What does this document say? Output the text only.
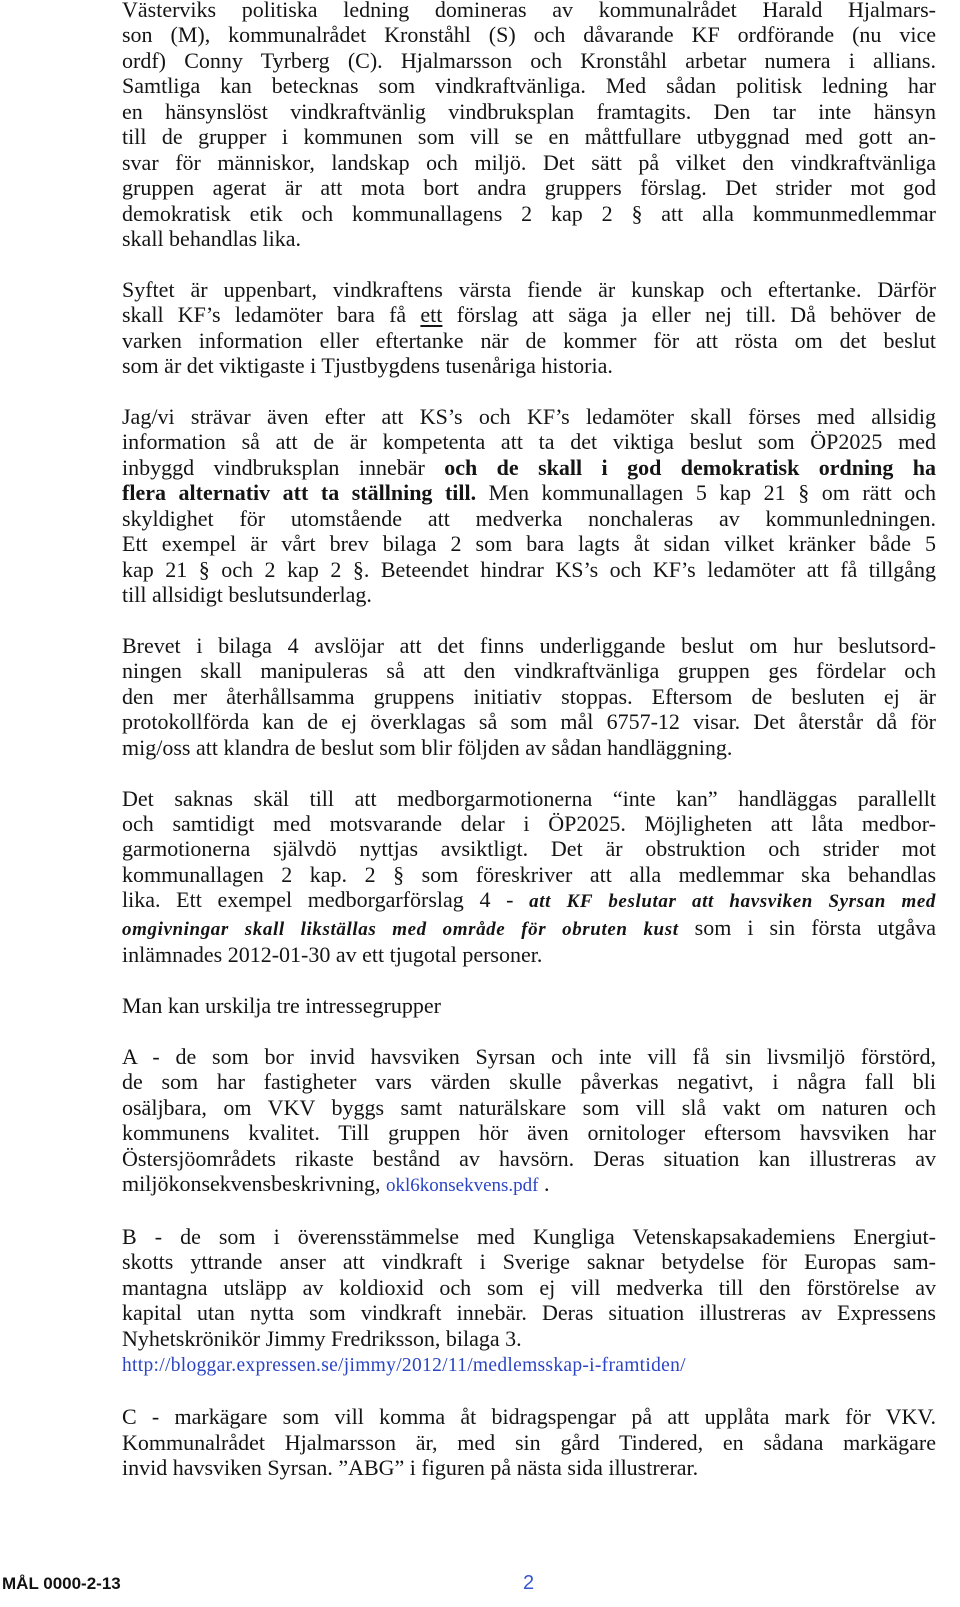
Västerviks politiska ledning domineras av kommunalrådet Harald Hjalmars-
son (M), kommunalrådet Kronståhl (S) och dåvarande KF ordförande (nu vice
ordf) Conny Tyrberg (C). Hjalmarsson och Kronståhl arbetar numera i allians.
Samtliga kan betecknas som vindkraftvänliga. Med sådan politisk ledning har
en hänsynslöst vindkraftvänlig vindbruksplan framtagits. Den tar inte hänsyn
till de grupper i kommunen som vill se en måttfullare utbyggnad med gott an-
svar för människor, landskap och miljö. Det sätt på vilket den vindkraftvänliga
gruppen agerat är att mota bort andra gruppers förslag. Det strider mot god
demokratisk etik och kommunallagens 2 kap 2 § att alla kommunmedlemmar
skall behandlas lika.
Syftet är uppenbart, vindkraftens värsta fiende är kunskap och eftertanke. Därför
skall KF’s ledamöter bara få ett förslag att säga ja eller nej till. Då behöver de
varken information eller eftertanke när de kommer för att rösta om det beslut
som är det viktigaste i Tjustbygdens tusenåriga historia.
Jag/vi strävar även efter att KS’s och KF’s ledamöter skall förses med allsidig
information så att de är kompetenta att ta det viktiga beslut som ÖP2025 med
inbyggd vindbruksplan innebär och de skall i god demokratisk ordning ha
flera alternativ att ta ställning till. Men kommunallagen 5 kap 21 § om rätt och
skyldighet för utomstående att medverka nonchaleras av kommunledningen.
Ett exempel är vårt brev bilaga 2 som bara lagts åt sidan vilket kränker både 5
kap 21 § och 2 kap 2 §. Beteendet hindrar KS’s och KF’s ledamöter att få tillgång
till allsidigt beslutsunderlag.
Brevet i bilaga 4 avslöjar att det finns underliggande beslut om hur beslutsord-
ningen skall manipuleras så att den vindkraftvänliga gruppen ges fördelar och
den mer återhållsamma gruppens initiativ stoppas. Eftersom de besluten ej är
protokollförda kan de ej överklagas så som mål 6757-12 visar. Det återstår då för
mig/oss att klandra de beslut som blir följden av sådan handläggning.
Det saknas skäl till att medborgarmotionerna “inte kan” handläggas parallellt
och samtidigt med motsvarande delar i ÖP2025. Möjligheten att låta medbor-
garmotionerna självdö nyttjas avsiktligt. Det är obstruktion och strider mot
kommunallagen 2 kap. 2 § som föreskriver att alla medlemmar ska behandlas
lika. Ett exempel medborgarförslag 4 - att KF beslutar att havsviken Syrsan med
omgivningar skall likställas med område för obruten kust som i sin första utgåva
inlämnades 2012-01-30 av ett tjugotal personer.
Man kan urskilja tre intressegrupper
A - de som bor invid havsviken Syrsan och inte vill få sin livsmiljö förstörd,
de som har fastigheter vars värden skulle påverkas negativt, i några fall bli
osäljbara, om VKV byggs samt naturälskare som vill slå vakt om naturen och
kommunens kvalitet. Till gruppen hör även ornitologer eftersom havsviken har
Östersjöområdets rikaste bestånd av havsörn. Deras situation kan illustreras av
miljökonsekvensbeskrivning, okl6konsekvens.pdf .
B - de som i överensstämmelse med Kungliga Vetenskapsakademiens Energiut-
skotts yttrande anser att vindkraft i Sverige saknar betydelse för Europas sam-
mantagna utsläpp av koldioxid och som ej vill medverka till den förstörelse av
kapital utan nytta som vindkraft innebär. Deras situation illustreras av Expressens
Nyhetskrönikör Jimmy Fredriksson, bilaga 3.
http://bloggar.expressen.se/jimmy/2012/11/medlemsskap-i-framtiden/
C - markägare som vill komma åt bidragspengar på att upplåta mark för VKV.
Kommunalrådet Hjalmarsson är, med sin gård Tindered, en sådana markägare
invid havsviken Syrsan. ”ABG” i figuren på nästa sida illustrerar.
MÅL 0000-2-13	2
